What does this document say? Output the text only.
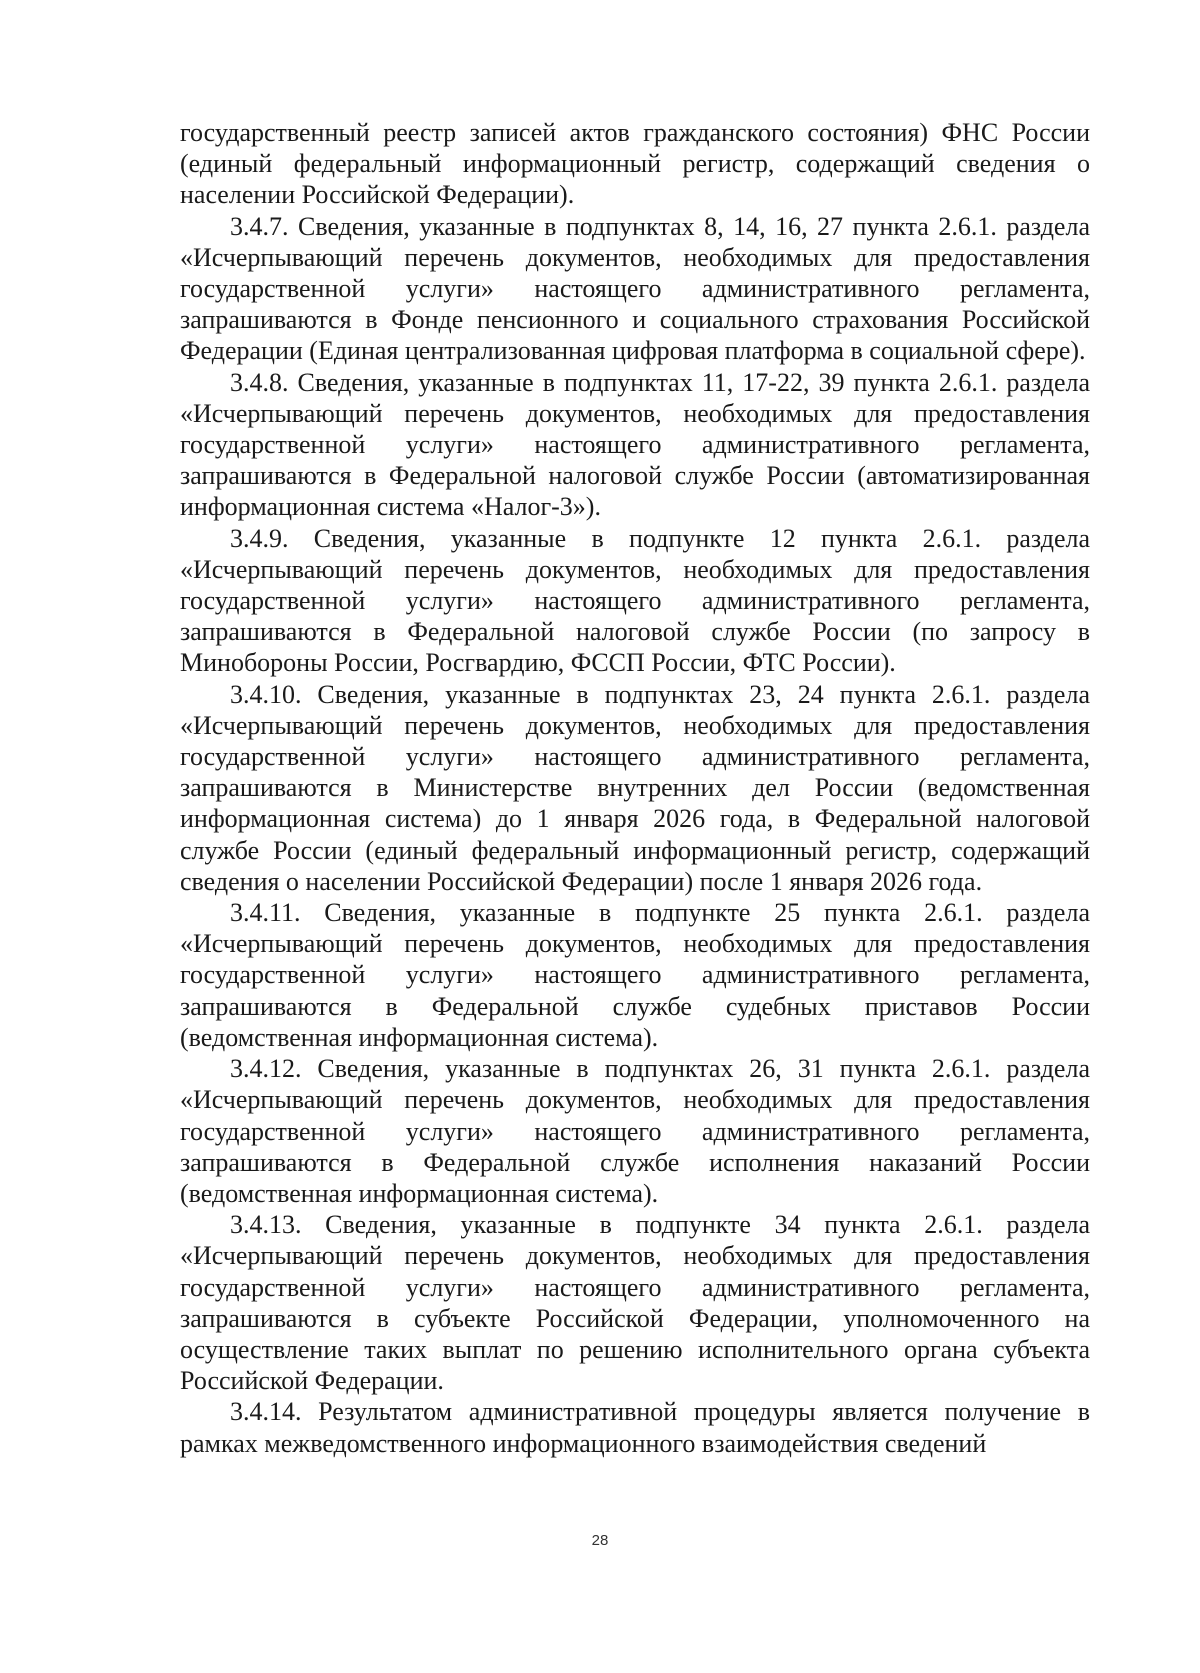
государственный реестр записей актов гражданского состояния) ФНС России (единый федеральный информационный регистр, содержащий сведения о населении Российской Федерации).

3.4.7. Сведения, указанные в подпунктах 8, 14, 16, 27 пункта 2.6.1. раздела «Исчерпывающий перечень документов, необходимых для предоставления государственной услуги» настоящего административного регламента, запрашиваются в Фонде пенсионного и социального страхования Российской Федерации (Единая централизованная цифровая платформа в социальной сфере).

3.4.8. Сведения, указанные в подпунктах 11, 17-22, 39 пункта 2.6.1. раздела «Исчерпывающий перечень документов, необходимых для предоставления государственной услуги» настоящего административного регламента, запрашиваются в Федеральной налоговой службе России (автоматизированная информационная система «Налог-3»).

3.4.9. Сведения, указанные в подпункте 12 пункта 2.6.1. раздела «Исчерпывающий перечень документов, необходимых для предоставления государственной услуги» настоящего административного регламента, запрашиваются в Федеральной налоговой службе России (по запросу в Минобороны России, Росгвардию, ФССП России, ФТС России).

3.4.10. Сведения, указанные в подпунктах 23, 24 пункта 2.6.1. раздела «Исчерпывающий перечень документов, необходимых для предоставления государственной услуги» настоящего административного регламента, запрашиваются в Министерстве внутренних дел России (ведомственная информационная система) до 1 января 2026 года, в Федеральной налоговой службе России (единый федеральный информационный регистр, содержащий сведения о населении Российской Федерации) после 1 января 2026 года.

3.4.11. Сведения, указанные в подпункте 25 пункта 2.6.1. раздела «Исчерпывающий перечень документов, необходимых для предоставления государственной услуги» настоящего административного регламента, запрашиваются в Федеральной службе судебных приставов России (ведомственная информационная система).

3.4.12. Сведения, указанные в подпунктах 26, 31 пункта 2.6.1. раздела «Исчерпывающий перечень документов, необходимых для предоставления государственной услуги» настоящего административного регламента, запрашиваются в Федеральной службе исполнения наказаний России (ведомственная информационная система).

3.4.13. Сведения, указанные в подпункте 34 пункта 2.6.1. раздела «Исчерпывающий перечень документов, необходимых для предоставления государственной услуги» настоящего административного регламента, запрашиваются в субъекте Российской Федерации, уполномоченного на осуществление таких выплат по решению исполнительного органа субъекта Российской Федерации.

3.4.14. Результатом административной процедуры является получение в рамках межведомственного информационного взаимодействия сведений

28
